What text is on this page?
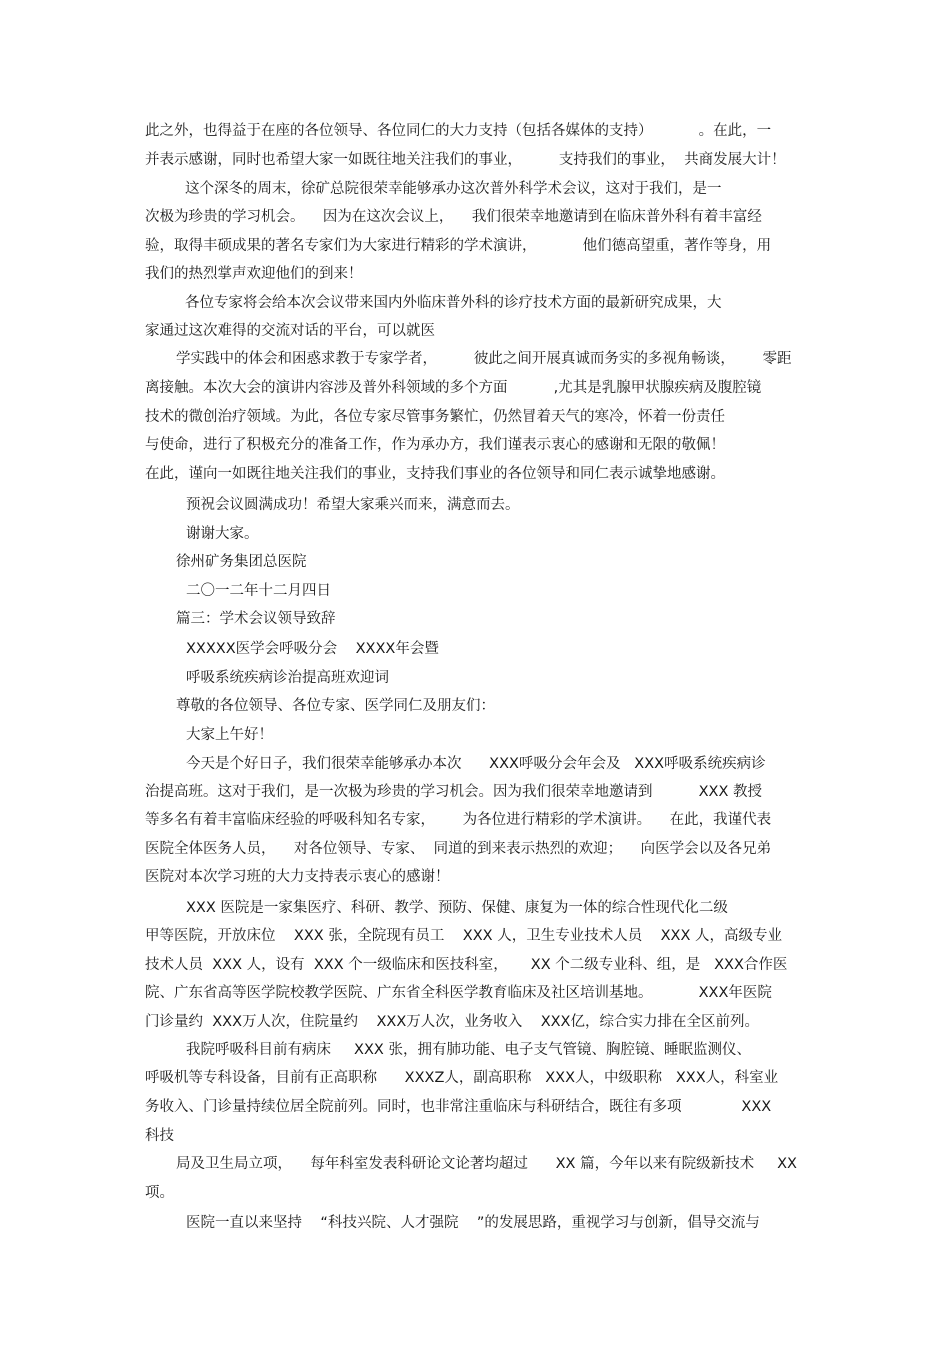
此之外，也得益于在座的各位领导、各位同仁的大力支持（包括各媒体的支持）          。在此，一

并表示感谢，同时也希望大家一如既往地关注我们的事业，        支持我们的事业，  共商发展大计！

这个深冬的周末，徐矿总院很荣幸能够承办这次普外科学术会议，这对于我们，是一

次极为珍贵的学习机会。    因为在这次会议上，    我们很荣幸地邀请到在临床普外科有着丰富经

验，取得丰硕成果的著名专家们为大家进行精彩的学术演讲，          他们德高望重，著作等身，用

我们的热烈掌声欢迎他们的到来！

各位专家将会给本次会议带来国内外临床普外科的诊疗技术方面的最新研究成果，大

家通过这次难得的交流对话的平台，可以就医

学实践中的体会和困惑求教于专家学者，        彼此之间开展真诚而务实的多视角畅谈，      零距

离接触。本次大会的演讲内容涉及普外科领域的多个方面          ,尤其是乳腺甲状腺疾病及腹腔镜

技术的微创治疗领域。为此，各位专家尽管事务繁忙，仍然冒着天气的寒冷，怀着一份责任

与使命，进行了积极充分的准备工作，作为承办方，我们谨表示衷心的感谢和无限的敬佩！

在此，谨向一如既往地关注我们的事业，支持我们事业的各位领导和同仁表示诚挚地感谢。

预祝会议圆满成功！希望大家乘兴而来，满意而去。

谢谢大家。

徐州矿务集团总医院

二〇一二年十二月四日

篇三：学术会议领导致辞

XXXXX医学会呼吸分会    XXXX年会暨

呼吸系统疾病诊治提高班欢迎词

尊敬的各位领导、各位专家、医学同仁及朋友们：

大家上午好！

今天是个好日子，我们很荣幸能够承办本次      XXX呼吸分会年会及   XXX呼吸系统疾病诊

治提高班。这对于我们，是一次极为珍贵的学习机会。因为我们很荣幸地邀请到          XXX 教授

等多名有着丰富临床经验的呼吸科知名专家，      为各位进行精彩的学术演讲。    在此，我谨代表

医院全体医务人员，    对各位领导、专家、  同道的到来表示热烈的欢迎；    向医学会以及各兄弟

医院对本次学习班的大力支持表示衷心的感谢！

XXX 医院是一家集医疗、科研、教学、预防、保健、康复为一体的综合性现代化二级

甲等医院，开放床位    XXX 张，全院现有员工    XXX 人，卫生专业技术人员    XXX 人，高级专业

技术人员  XXX 人，设有  XXX 个一级临床和医技科室，     XX 个二级专业科、组，是   XXX合作医

院、广东省高等医学院校教学医院、广东省全科医学教育临床及社区培训基地。          XXX年医院

门诊量约  XXX万人次，住院量约    XXX万人次，业务收入    XXX亿，综合实力排在全区前列。

我院呼吸科目前有病床     XXX 张，拥有肺功能、电子支气管镜、胸腔镜、睡眠监测仪、

呼吸机等专科设备，目前有正高职称      XXXZ人，副高职称   XXX人，中级职称   XXX人，科室业

务收入、门诊量持续位居全院前列。同时，也非常注重临床与科研结合，既往有多项             XXX

科技

局及卫生局立项，    每年科室发表科研论文论著均超过      XX 篇，今年以来有院级新技术     XX

项。

医院一直以来坚持    “科技兴院、人才强院    ”的发展思路，重视学习与创新，倡导交流与
